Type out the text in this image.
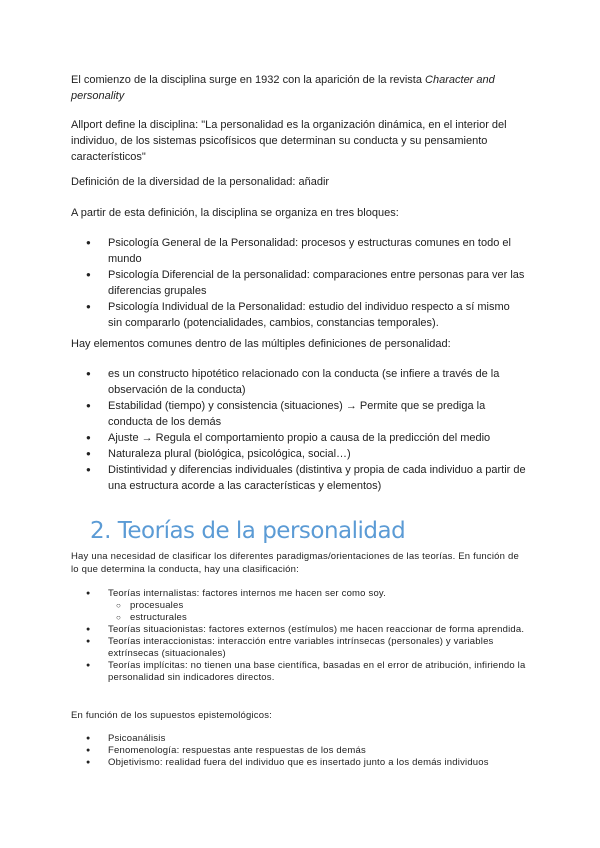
El comienzo de la disciplina surge en 1932 con la aparición de la revista Character and personality
Allport define la disciplina: "La personalidad es la organización dinámica, en el interior del individuo, de los sistemas psicofísicos que determinan su conducta y su pensamiento característicos"
Definición de la diversidad de la personalidad: añadir
A partir de esta definición, la disciplina se organiza en tres bloques:
● Psicología General de la Personalidad: procesos y estructuras comunes en todo el mundo
● Psicología Diferencial de la personalidad: comparaciones entre personas para ver las diferencias grupales
● Psicología Individual de la Personalidad: estudio del individuo respecto a sí mismo sin compararlo (potencialidades, cambios, constancias temporales).
Hay elementos comunes dentro de las múltiples definiciones de personalidad:
● es un constructo hipotético relacionado con la conducta (se infiere a través de la observación de la conducta)
● Estabilidad (tiempo) y consistencia (situaciones) → Permite que se prediga la conducta de los demás
● Ajuste → Regula el comportamiento propio a causa de la predicción del medio
● Naturaleza plural (biológica, psicológica, social…)
● Distintividad y diferencias individuales (distintiva y propia de cada individuo a partir de una estructura acorde a las características y elementos)
2. Teorías de la personalidad
Hay una necesidad de clasificar los diferentes paradigmas/orientaciones de las teorías. En función de lo que determina la conducta, hay una clasificación:
● Teorías internalistas: factores internos me hacen ser como soy.
○ procesuales
○ estructurales
● Teorías situacionistas: factores externos (estímulos) me hacen reaccionar de forma aprendida.
● Teorías interaccionistas: interacción entre variables intrínsecas (personales) y variables extrínsecas (situacionales)
● Teorías implícitas: no tienen una base científica, basadas en el error de atribución, infiriendo la personalidad sin indicadores directos.
En función de los supuestos epistemológicos:
● Psicoanálisis
● Fenomenología: respuestas ante respuestas de los demás
● Objetivismo: realidad fuera del individuo que es insertado junto a los demás individuos
